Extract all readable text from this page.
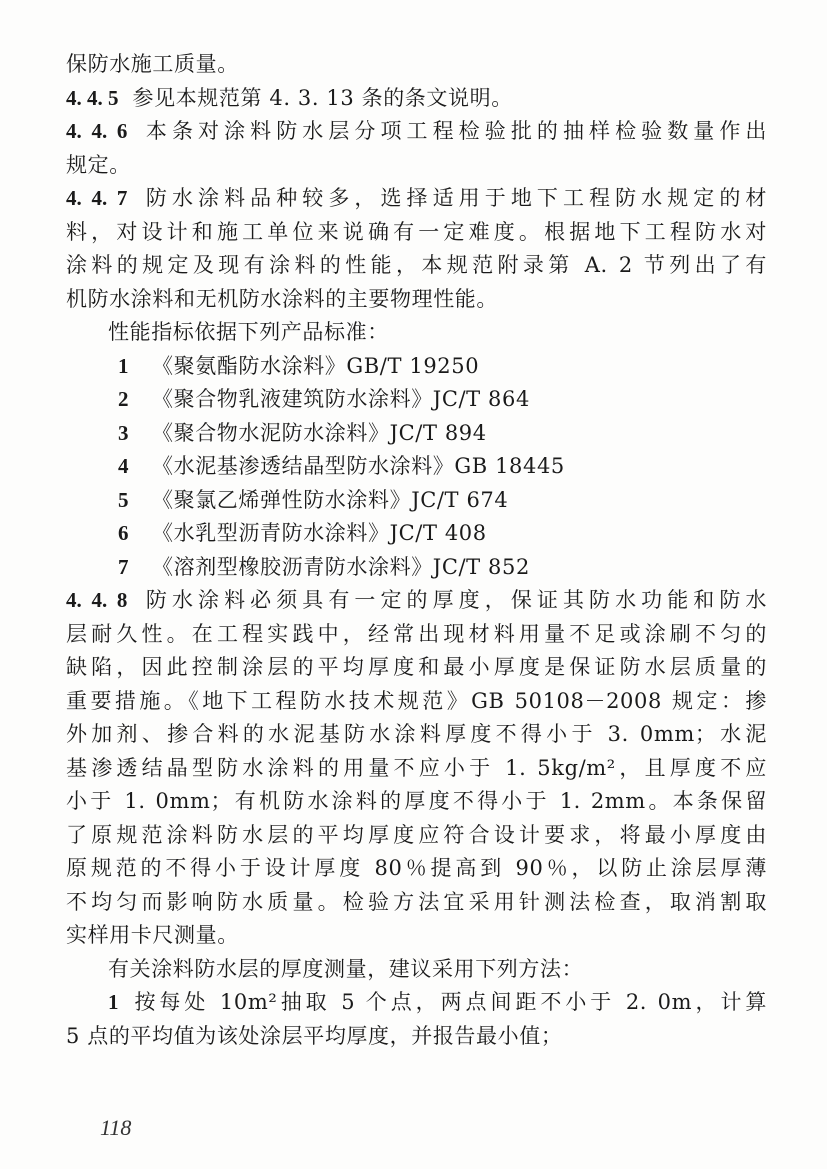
保防水施工质量。
4. 4. 5 参见本规范第 4. 3. 13 条的条文说明。
4. 4. 6 本条对涂料防水层分项工程检验批的抽样检验数量作出
规定。
4. 4. 7 防水涂料品种较多，选择适用于地下工程防水规定的材
料，对设计和施工单位来说确有一定难度。根据地下工程防水对
涂料的规定及现有涂料的性能，本规范附录第 A. 2 节列出了有
机防水涂料和无机防水涂料的主要物理性能。
性能指标依据下列产品标准：
1 《聚氨酯防水涂料》GB/T 19250
2 《聚合物乳液建筑防水涂料》JC/T 864
3 《聚合物水泥防水涂料》JC/T 894
4 《水泥基渗透结晶型防水涂料》GB 18445
5 《聚氯乙烯弹性防水涂料》JC/T 674
6 《水乳型沥青防水涂料》JC/T 408
7 《溶剂型橡胶沥青防水涂料》JC/T 852
4. 4. 8 防水涂料必须具有一定的厚度，保证其防水功能和防水
层耐久性。在工程实践中，经常出现材料用量不足或涂刷不匀的
缺陷，因此控制涂层的平均厚度和最小厚度是保证防水层质量的
重要措施。《地下工程防水技术规范》GB 50108－2008 规定：掺
外加剂、掺合料的水泥基防水涂料厚度不得小于 3. 0mm；水泥
基渗透结晶型防水涂料的用量不应小于 1. 5kg/m²，且厚度不应
小于 1. 0mm；有机防水涂料的厚度不得小于 1. 2mm。本条保留
了原规范涂料防水层的平均厚度应符合设计要求，将最小厚度由
原规范的不得小于设计厚度 80％提高到 90％，以防止涂层厚薄
不均匀而影响防水质量。检验方法宜采用针测法检查，取消割取
实样用卡尺测量。
有关涂料防水层的厚度测量，建议采用下列方法：
1 按每处 10m²抽取 5 个点，两点间距不小于 2. 0m，计算
5 点的平均值为该处涂层平均厚度，并报告最小值；
118
